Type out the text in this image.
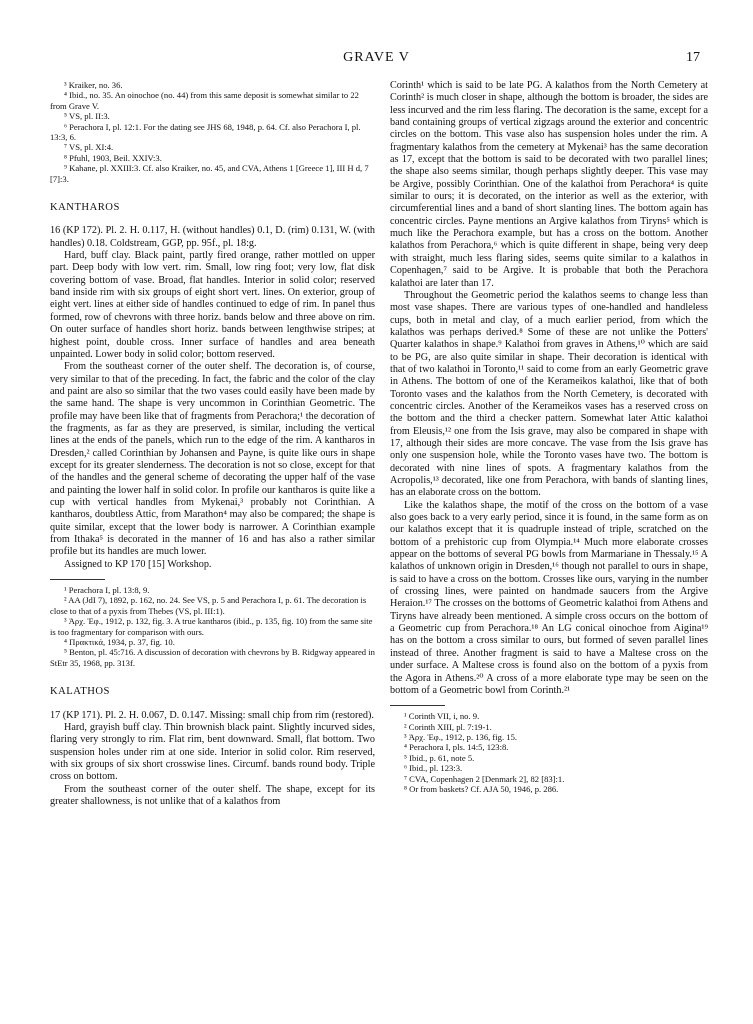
GRAVE V	17

³ Kraiker, no. 36.

⁴ Ibid., no. 35. An oinochoe (no. 44) from this same deposit is somewhat similar to 22 from Grave V.

⁵ VS, pl. II:3.

⁶ Perachora I, pl. 12:1. For the dating see JHS 68, 1948, p. 64. Cf. also Perachora I, pl. 13:3, 6.

⁷ VS, pl. XI:4.

⁸ Pfuhl, 1903, Beil. XXIV:3.

⁹ Kahane, pl. XXIII:3. Cf. also Kraiker, no. 45, and CVA, Athens 1 [Greece 1], III H d, 7 [7]:3.

KANTHAROS

16 (KP 172). Pl. 2. H. 0.117, H. (without handles) 0.1, D. (rim) 0.131, W. (with handles) 0.18. Coldstream, GGP, pp. 95f., pl. 18:g.

Hard, buff clay. Black paint, partly fired orange, rather mottled on upper part. Deep body with low vert. rim. Small, low ring foot; very low, flat disk covering bottom of vase. Broad, flat handles. Interior in solid color; reserved band inside rim with six groups of eight short vert. lines. On exterior, group of eight vert. lines at either side of handles continued to edge of rim. In panel thus formed, row of chevrons with three horiz. bands below and three above on rim. On outer surface of handles short horiz. bands between lengthwise stripes; at highest point, double cross. Inner surface of handles and area beneath unpainted. Lower body in solid color; bottom reserved.

From the southeast corner of the outer shelf. The decoration is, of course, very similar to that of the preceding. In fact, the fabric and the color of the clay and paint are also so similar that the two vases could easily have been made by the same hand. The shape is very uncommon in Corinthian Geometric. The profile may have been like that of fragments from Perachora;¹ the decoration of the fragments, as far as they are preserved, is similar, including the vertical lines at the ends of the panels, which run to the edge of the rim. A kantharos in Dresden,² called Corinthian by Johansen and Payne, is quite like ours in shape except for its greater slenderness. The decoration is not so close, except for that of the handles and the general scheme of decorating the upper half of the vase and painting the lower half in solid color. In profile our kantharos is quite like a cup with vertical handles from Mykenai,³ probably not Corinthian. A kantharos, doubtless Attic, from Marathon⁴ may also be compared; the shape is quite similar, except that the lower body is narrower. A Corinthian example from Ithaka⁵ is decorated in the manner of 16 and has also a rather similar profile but its handles are much lower.

Assigned to KP 170 [15] Workshop.

¹ Perachora I, pl. 13:8, 9.

² AA (JdI 7), 1892, p. 162, no. 24. See VS, p. 5 and Perachora I, p. 61. The decoration is close to that of a pyxis from Thebes (VS, pl. III:1).

³ Ἀρχ. Ἐφ., 1912, p. 132, fig. 3. A true kantharos (ibid., p. 135, fig. 10) from the same site is too fragmentary for comparison with ours.

⁴ Πρακτικά, 1934, p. 37, fig. 10.

⁵ Benton, pl. 45:716. A discussion of decoration with chevrons by B. Ridgway appeared in StEtr 35, 1968, pp. 313f.

KALATHOS

17 (KP 171). Pl. 2. H. 0.067, D. 0.147. Missing: small chip from rim (restored).

Hard, grayish buff clay. Thin brownish black paint. Slightly incurved sides, flaring very strongly to rim. Flat rim, bent downward. Small, flat bottom. Two suspension holes under rim at one side. Interior in solid color. Rim reserved, with six groups of six short crosswise lines. Circumf. bands round body. Triple cross on bottom.

From the southeast corner of the outer shelf. The shape, except for its greater shallowness, is not unlike that of a kalathos from

Corinth¹ which is said to be late PG. A kalathos from the North Cemetery at Corinth² is much closer in shape, although the bottom is broader, the sides are less incurved and the rim less flaring. The decoration is the same, except for a band containing groups of vertical zigzags around the exterior and concentric circles on the bottom. This vase also has suspension holes under the rim. A fragmentary kalathos from the cemetery at Mykenai³ has the same decoration as 17, except that the bottom is said to be decorated with two parallel lines; the shape also seems similar, though perhaps slightly deeper. This vase may be Argive, possibly Corinthian. One of the kalathoi from Perachora⁴ is quite similar to ours; it is decorated, on the interior as well as the exterior, with circumferential lines and a band of short slanting lines. The bottom again has concentric circles. Payne mentions an Argive kalathos from Tiryns⁵ which is much like the Perachora example, but has a cross on the bottom. Another kalathos from Perachora,⁶ which is quite different in shape, being very deep with straight, much less flaring sides, seems quite similar to a kalathos in Copenhagen,⁷ said to be Argive. It is probable that both the Perachora kalathoi are later than 17.

Throughout the Geometric period the kalathos seems to change less than most vase shapes. There are various types of one-handled and handleless cups, both in metal and clay, of a much earlier period, from which the kalathos was perhaps derived.⁸ Some of these are not unlike the Potters' Quarter kalathos in shape.⁹ Kalathoi from graves in Athens,¹⁰ which are said to be PG, are also quite similar in shape. Their decoration is identical with that of two kalathoi in Toronto,¹¹ said to come from an early Geometric grave in Athens. The bottom of one of the Kerameikos kalathoi, like that of both Toronto vases and the kalathos from the North Cemetery, is decorated with concentric circles. Another of the Kerameikos vases has a reserved cross on the bottom and the third a checker pattern. Somewhat later Attic kalathoi from Eleusis,¹² one from the Isis grave, may also be compared in shape with 17, although their sides are more concave. The vase from the Isis grave has only one suspension hole, while the Toronto vases have two. The bottom is decorated with nine lines of spots. A fragmentary kalathos from the Acropolis,¹³ decorated, like one from Perachora, with bands of slanting lines, has an elaborate cross on the bottom.

Like the kalathos shape, the motif of the cross on the bottom of a vase also goes back to a very early period, since it is found, in the same form as on our kalathos except that it is quadruple instead of triple, scratched on the bottom of a prehistoric cup from Olympia.¹⁴ Much more elaborate crosses appear on the bottoms of several PG bowls from Marmariane in Thessaly.¹⁵ A kalathos of unknown origin in Dresden,¹⁶ though not parallel to ours in shape, is said to have a cross on the bottom. Crosses like ours, varying in the number of crossing lines, were painted on handmade saucers from the Argive Heraion.¹⁷ The crosses on the bottoms of Geometric kalathoi from Athens and Tiryns have already been mentioned. A simple cross occurs on the bottom of a Geometric cup from Perachora.¹⁸ An LG conical oinochoe from Aigina¹⁹ has on the bottom a cross similar to ours, but formed of seven parallel lines instead of three. Another fragment is said to have a Maltese cross on the under surface. A Maltese cross is found also on the bottom of a pyxis from the Agora in Athens.²⁰ A cross of a more elaborate type may be seen on the bottom of a Geometric bowl from Corinth.²¹

¹ Corinth VII, i, no. 9.

² Corinth XIII, pl. 7:19-1.

³ Ἀρχ. Ἐφ., 1912, p. 136, fig. 15.

⁴ Perachora I, pls. 14:5, 123:8.

⁵ Ibid., p. 61, note 5.

⁶ Ibid., pl. 123:3.

⁷ CVA, Copenhagen 2 [Denmark 2], 82 [83]:1.

⁸ Or from baskets? Cf. AJA 50, 1946, p. 286.
